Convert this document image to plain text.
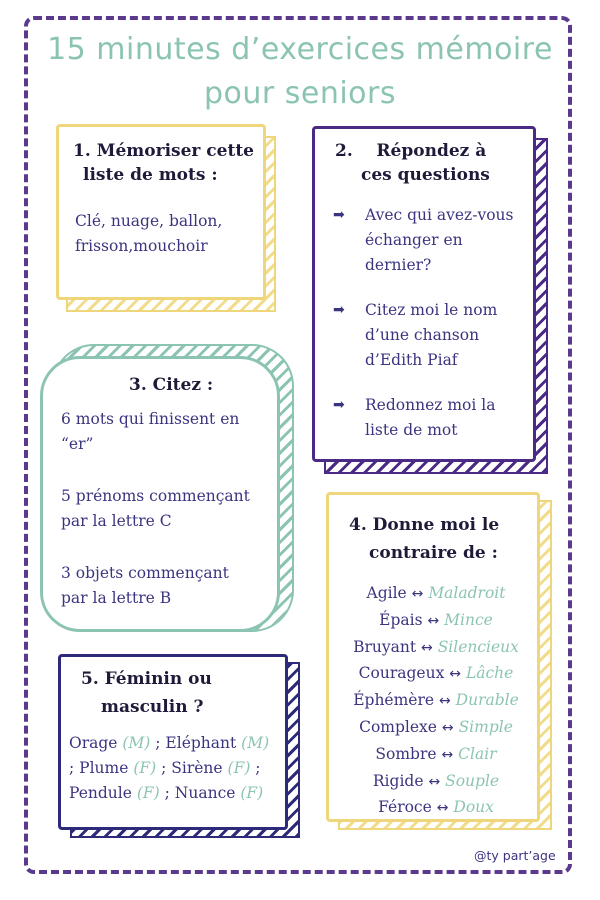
15 minutes d’exercices mémoire
pour seniors
1. Mémoriser cette
liste de mots :
Clé, nuage, ballon,
frisson,mouchoir
2.    Répondez à
ces questions
➡	Avec qui avez-vous
échanger en
dernier?
➡	Citez moi le nom
d’une chanson
d’Edith Piaf
➡	Redonnez moi la
liste de mot
3. Citez :
6 mots qui finissent en
“er”
5 prénoms commençant
par la lettre C
3 objets commençant
par la lettre B
4. Donne moi le
contraire de :
Agile ↔ Maladroit
Épais ↔ Mince
Bruyant ↔ Silencieux
Courageux ↔ Lâche
Éphémère ↔ Durable
Complexe ↔ Simple
Sombre ↔ Clair
Rigide ↔ Souple
Féroce ↔ Doux
5. Féminin ou
masculin ?
Orage (M) ; Eléphant (M)
; Plume (F) ; Sirène (F) ;
Pendule (F) ; Nuance (F)
@ty part’age
